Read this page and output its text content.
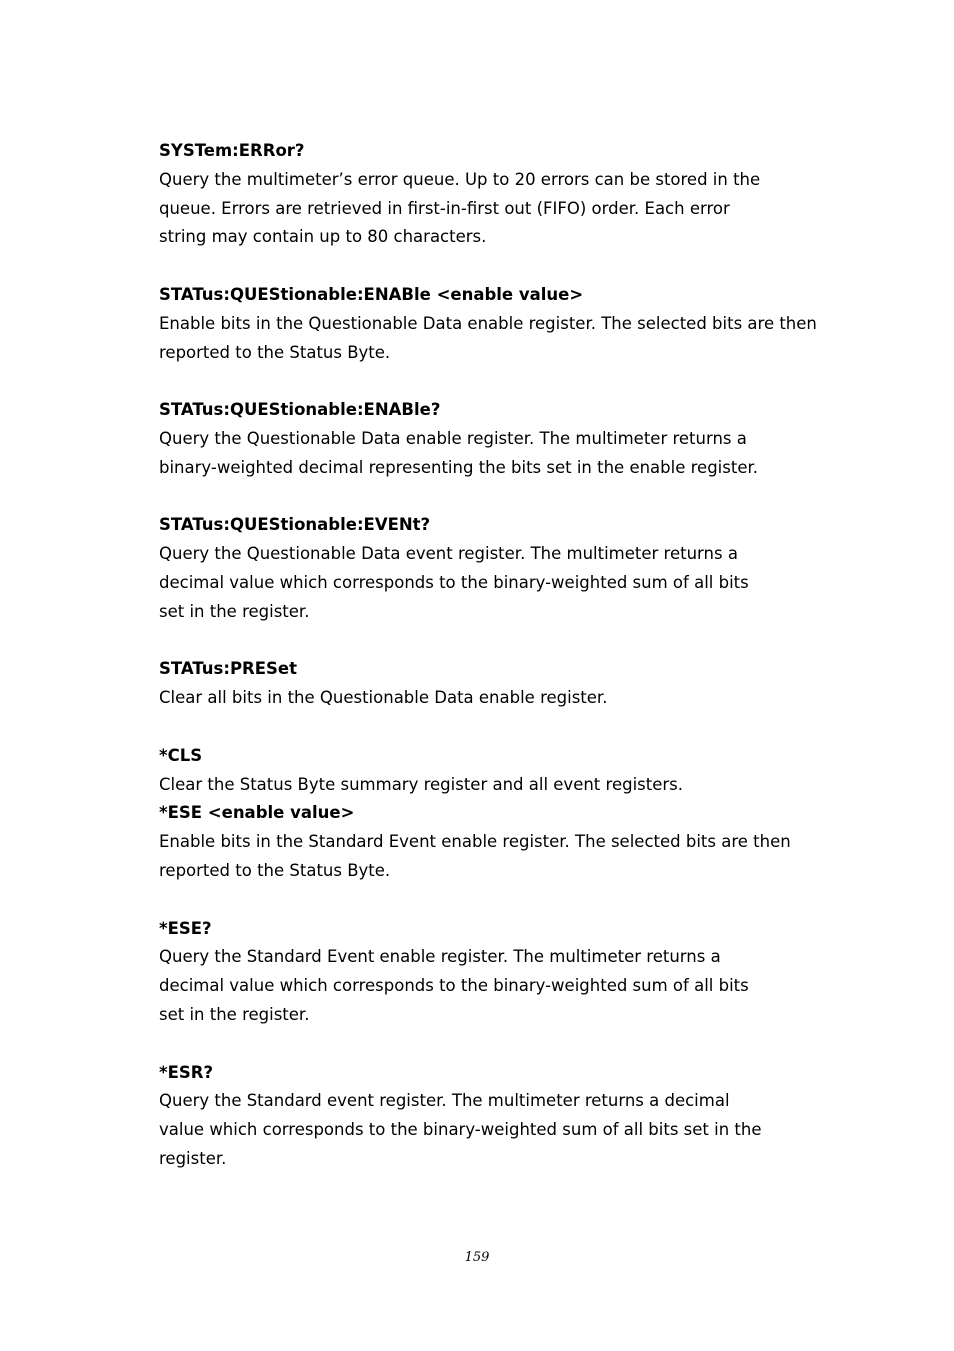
SYSTem:ERRor?
Query the multimeter’s error queue. Up to 20 errors can be stored in the
queue. Errors are retrieved in first-in-first out (FIFO) order. Each error
string may contain up to 80 characters.
STATus:QUEStionable:ENABle <enable value>
Enable bits in the Questionable Data enable register. The selected bits are then
reported to the Status Byte.
STATus:QUEStionable:ENABle?
Query the Questionable Data enable register. The multimeter returns a
binary-weighted decimal representing the bits set in the enable register.
STATus:QUEStionable:EVENt?
Query the Questionable Data event register. The multimeter returns a
decimal value which corresponds to the binary-weighted sum of all bits
set in the register.
STATus:PRESet
Clear all bits in the Questionable Data enable register.
*CLS
Clear the Status Byte summary register and all event registers.
*ESE <enable value>
Enable bits in the Standard Event enable register. The selected bits are then
reported to the Status Byte.
*ESE?
Query the Standard Event enable register. The multimeter returns a
decimal value which corresponds to the binary-weighted sum of all bits
set in the register.
*ESR?
Query the Standard event register. The multimeter returns a decimal
value which corresponds to the binary-weighted sum of all bits set in the
register.
159
